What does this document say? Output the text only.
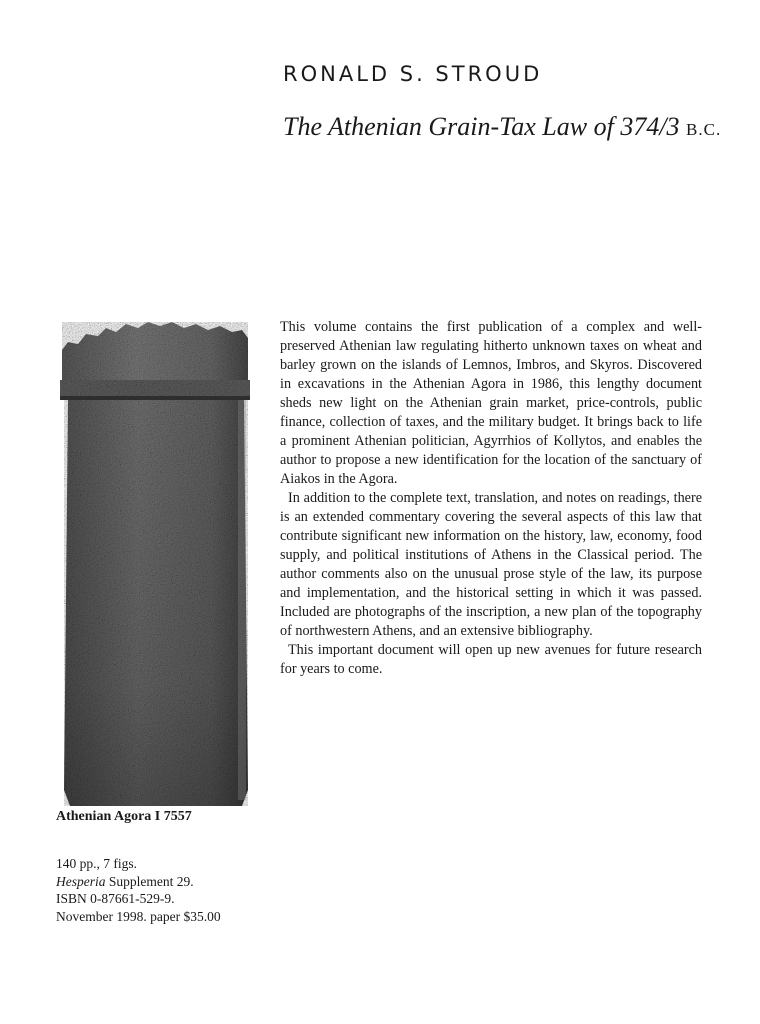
RONALD S. STROUD
The Athenian Grain-Tax Law of 374/3 B.C.

This volume contains the first publication of a complex and well-preserved Athenian law regulating hitherto unknown taxes on wheat and barley grown on the islands of Lemnos, Imbros, and Skyros. Discovered in excavations in the Athenian Agora in 1986, this lengthy document sheds new light on the Athenian grain market, price-controls, public finance, collection of taxes, and the military budget. It brings back to life a prominent Athenian politician, Agyrrhios of Kollytos, and enables the author to propose a new identification for the location of the sanctuary of Aiakos in the Agora.

In addition to the complete text, translation, and notes on readings, there is an extended commentary covering the several aspects of this law that contribute significant new information on the history, law, economy, food supply, and political institutions of Athens in the Classical period. The author comments also on the unusual prose style of the law, its purpose and implementation, and the historical setting in which it was passed. Included are photographs of the inscription, a new plan of the topography of northwestern Athens, and an extensive bibliography.

This important document will open up new avenues for future research for years to come.

Athenian Agora I 7557
140 pp., 7 figs.
Hesperia Supplement 29.
ISBN 0-87661-529-9.
November 1998. paper $35.00
